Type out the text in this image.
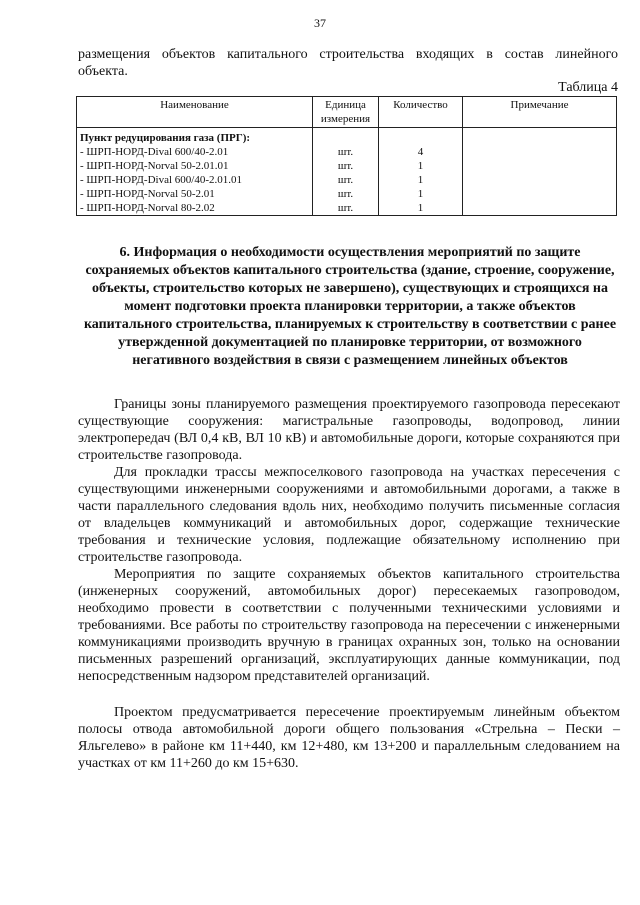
37
размещения объектов капитального строительства входящих в состав линейного
объекта.
Таблица 4
Наименование	Единица измерения	Количество	Примечание
Пункт редуцирования газа (ПРГ):			
- ШРП-НОРД-Dival 600/40-2.01	шт.	4	
- ШРП-НОРД-Norval 50-2.01.01	шт.	1	
- ШРП-НОРД-Dival 600/40-2.01.01	шт.	1	
- ШРП-НОРД-Norval 50-2.01	шт.	1	
- ШРП-НОРД-Norval 80-2.02	шт.	1	
6. Информация о необходимости осуществления мероприятий по защите сохраняемых объектов капитального строительства (здание, строение, сооружение, объекты, строительство которых не завершено), существующих и строящихся на момент подготовки проекта планировки территории, а также объектов капитального строительства, планируемых к строительству в соответствии с ранее утвержденной документацией по планировке территории, от возможного негативного воздействия в связи с размещением линейных объектов

Границы зоны планируемого размещения проектируемого газопровода пересекают существующие сооружения: магистральные газопроводы, водопровод, линии электропередач (ВЛ 0,4 кВ, ВЛ 10 кВ) и автомобильные дороги, которые сохраняются при строительстве газопровода.

Для прокладки трассы межпоселкового газопровода на участках пересечения с существующими инженерными сооружениями и автомобильными дорогами, а также в части параллельного следования вдоль них, необходимо получить письменные согласия от владельцев коммуникаций и автомобильных дорог, содержащие технические требования и технические условия, подлежащие обязательному исполнению при строительстве газопровода.

Мероприятия по защите сохраняемых объектов капитального строительства (инженерных сооружений, автомобильных дорог) пересекаемых газопроводом, необходимо провести в соответствии с полученными техническими условиями и требованиями. Все работы по строительству газопровода на пересечении с инженерными коммуникациями производить вручную в границах охранных зон, только на основании письменных разрешений организаций, эксплуатирующих данные коммуникации, под непосредственным надзором представителей организаций.

Проектом предусматривается пересечение проектируемым линейным объектом полосы отвода автомобильной дороги общего пользования «Стрельна – Пески – Яльгелево» в районе км 11+440, км 12+480, км 13+200 и параллельным следованием на участках от км 11+260 до км 15+630.
